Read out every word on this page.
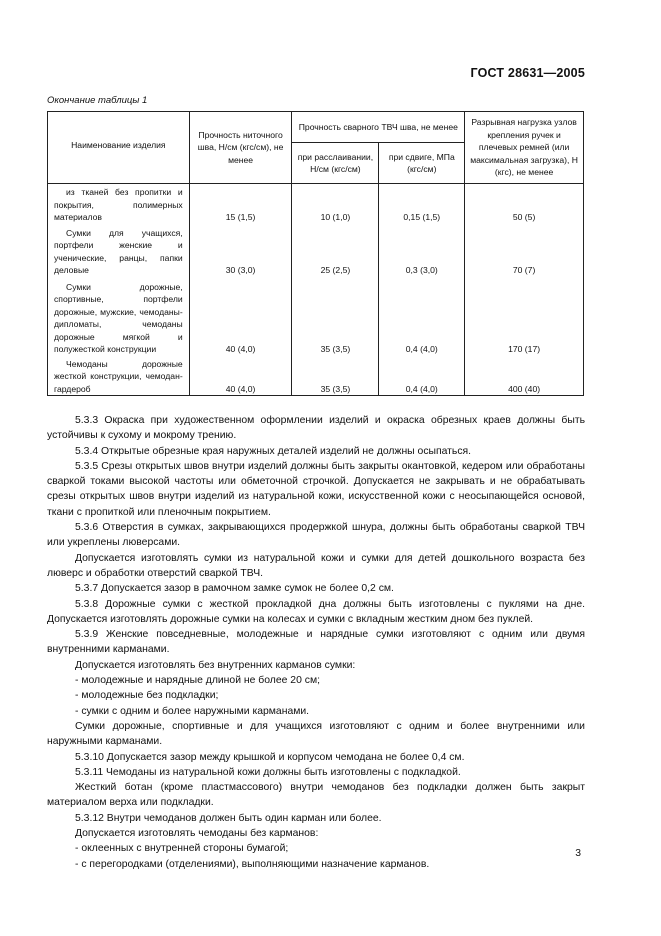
ГОСТ 28631—2005
Окончание таблицы 1
Наименование изделия	Прочность ниточного шва, Н/см (кгс/см), не менее	Прочность сварного ТВЧ шва, не менее		Разрывная нагрузка узлов крепления ручек и плечевых ремней (или максимальная загрузка), Н (кгс), не менее
		при расслаивании, Н/см (кгс/см)	при сдвиге, МПа (кгс/см)	

из тканей без пропитки и покрытия, полимерных материалов	15 (1,5)	10 (1,0)	0,15 (1,5)	50 (5)

Сумки для учащихся, портфели женские и ученические, ранцы, папки деловые	30 (3,0)	25 (2,5)	0,3 (3,0)	70 (7)

Сумки дорожные, спортивные, портфели дорожные, мужские, чемоданы-дипломаты, чемоданы дорожные мягкой и полужесткой конструкции	40 (4,0)	35 (3,5)	0,4 (4,0)	170 (17)

Чемоданы дорожные жесткой конструкции, чемодан-гардероб	40 (4,0)	35 (3,5)	0,4 (4,0)	400 (40)

5.3.3 Окраска при художественном оформлении изделий и окраска обрезных краев должны быть устойчивы к сухому и мокрому трению.

5.3.4 Открытые обрезные края наружных деталей изделий не должны осыпаться.

5.3.5 Срезы открытых швов внутри изделий должны быть закрыты окантовкой, кедером или обработаны сваркой токами высокой частоты или обметочной строчкой. Допускается не закрывать и не обрабатывать срезы открытых швов внутри изделий из натуральной кожи, искусственной кожи с неосыпающейся основой, ткани с пропиткой или пленочным покрытием.

5.3.6 Отверстия в сумках, закрывающихся продержкой шнура, должны быть обработаны сваркой ТВЧ или укреплены люверсами.

Допускается изготовлять сумки из натуральной кожи и сумки для детей дошкольного возраста без люверс и обработки отверстий сваркой ТВЧ.

5.3.7 Допускается зазор в рамочном замке сумок не более 0,2 см.

5.3.8 Дорожные сумки с жесткой прокладкой дна должны быть изготовлены с пуклями на дне. Допускается изготовлять дорожные сумки на колесах и сумки с вкладным жестким дном без пуклей.

5.3.9 Женские повседневные, молодежные и нарядные сумки изготовляют с одним или двумя внутренними карманами.

Допускается изготовлять без внутренних карманов сумки:

- молодежные и нарядные длиной не более 20 см;

- молодежные без подкладки;

- сумки с одним и более наружными карманами.

Сумки дорожные, спортивные и для учащихся изготовляют с одним и более внутренними или наружными карманами.

5.3.10 Допускается зазор между крышкой и корпусом чемодана не более 0,4 см.

5.3.11 Чемоданы из натуральной кожи должны быть изготовлены с подкладкой.

Жесткий ботан (кроме пластмассового) внутри чемоданов без подкладки должен быть закрыт материалом верха или подкладки.

5.3.12 Внутри чемоданов должен быть один карман или более.

Допускается изготовлять чемоданы без карманов:

- оклеенных с внутренней стороны бумагой;

- с перегородками (отделениями), выполняющими назначение карманов.

3
